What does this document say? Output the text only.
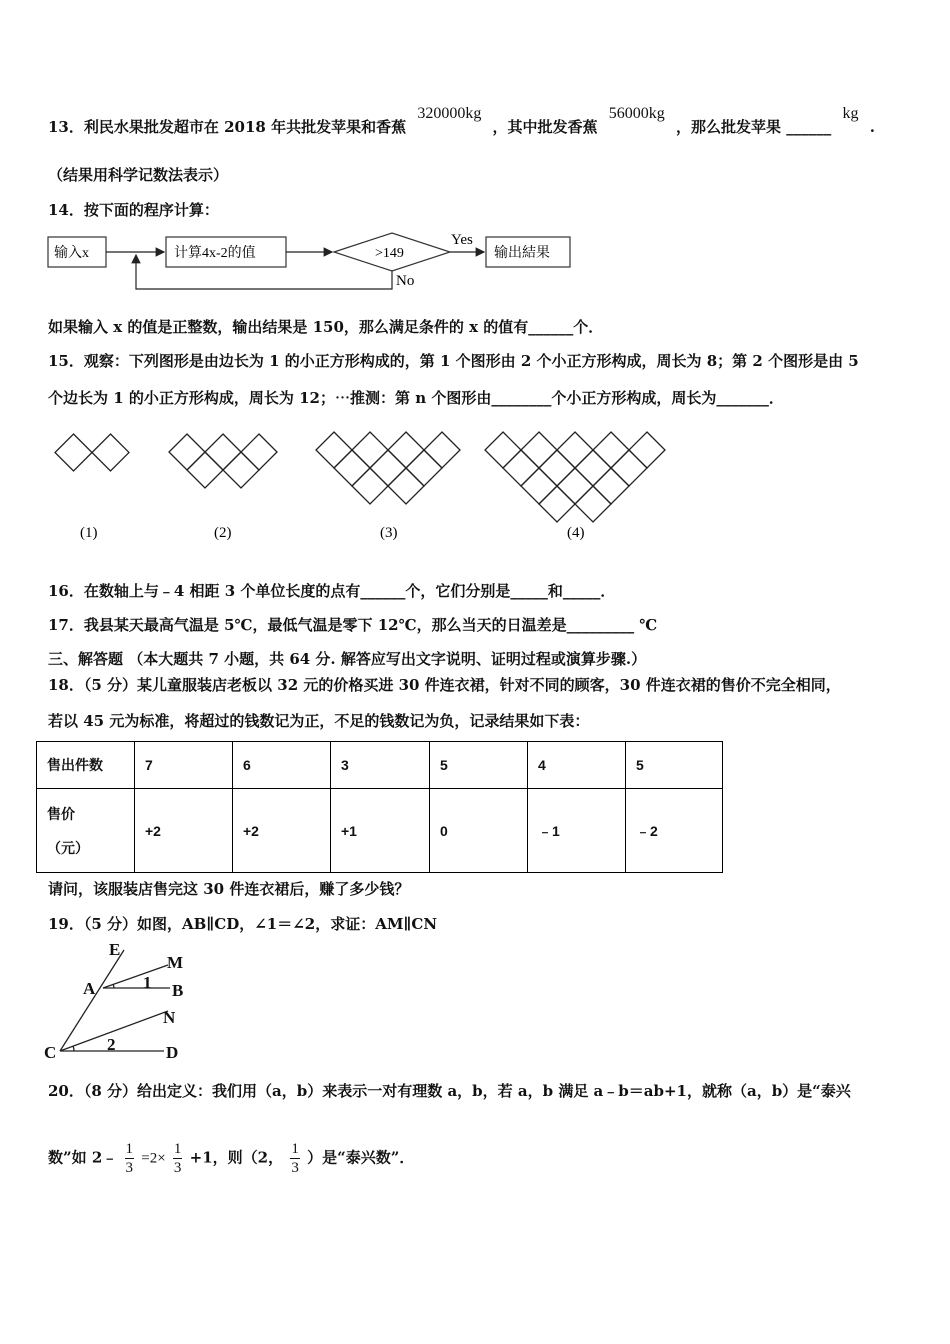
13．利民水果批发超市在 2018 年共批发苹果和香蕉 320000kg ，其中批发香蕉 56000kg ，那么批发苹果 ______ kg .
（结果用科学记数法表示）
14．按下面的程序计算：
输入x	计算4x-2的值	>149
Yes
输出結果
No
如果输入 x 的值是正整数，输出结果是 150，那么满足条件的 x 的值有______个．
15．观察：下列图形是由边长为 1 的小正方形构成的，第 1 个图形由 2 个小正方形构成，周长为 8；第 2 个图形是由 5
个边长为 1 的小正方形构成，周长为 12；⋯推测：第 n 个图形由________个小正方形构成，周长为_______．
(1)	(2)	(3)	(4)
16．在数轴上与﹣4 相距 3 个单位长度的点有______个，它们分别是_____和_____．
17．我县某天最高气温是 5℃，最低气温是零下 12℃，那么当天的日温差是_________ ℃
三、解答题 （本大题共 7 小题，共 64 分. 解答应写出文字说明、证明过程或演算步骤.）
18．（5 分）某儿童服装店老板以 32 元的价格买进 30 件连衣裙，针对不同的顾客，30 件连衣裙的售价不完全相同，
若以 45 元为标准，将超过的钱数记为正，不足的钱数记为负，记录结果如下表：
售出件数	7	6	3	5	4	5

售价
（元）	+2	+2	+1	0	﹣1	﹣2
请问，该服装店售完这 30 件连衣裙后，赚了多少钱？
19．（5 分）如图，AB∥CD，∠1＝∠2，求证：AM∥CN
E
M
A	1 B
N
C	2	D
20．（8 分）给出定义：我们用（a，b）来表示一对有理数 a，b，若 a，b 满足 a﹣b＝ab+1，就称（a，b）是“泰兴
数”如 2﹣ $\frac{1}{3} =2\times \frac{1}{3} +1$，则（2， $\frac{1}{3}$ ）是“泰兴数”．
